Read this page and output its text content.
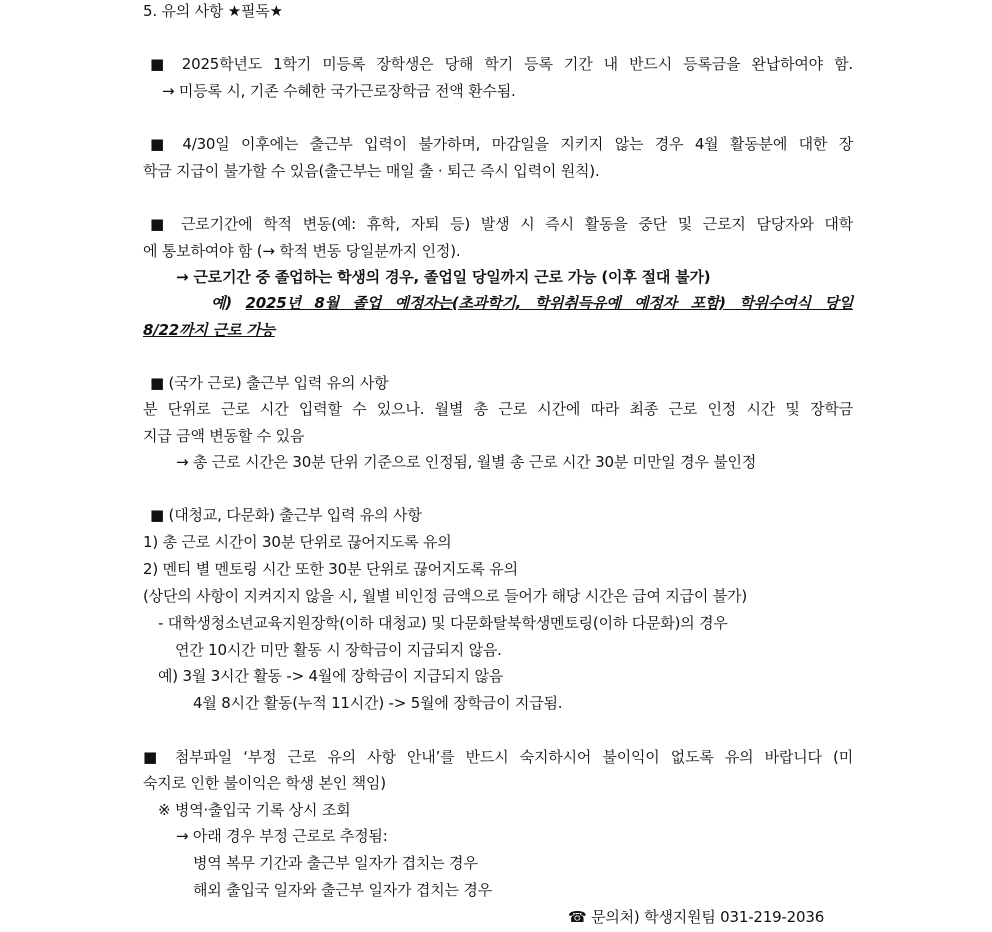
5. 유의 사항 ★필독★
■ 2025학년도 1학기 미등록 장학생은 당해 학기 등록 기간 내 반드시 등록금을 완납하여야 함.
→ 미등록 시, 기존 수혜한 국가근로장학금 전액 환수됨.
■ 4/30일 이후에는 출근부 입력이 불가하며, 마감일을 지키지 않는 경우 4월 활동분에 대한 장
학금 지급이 불가할 수 있음(출근부는 매일 출 · 퇴근 즉시 입력이 원칙).
■ 근로기간에 학적 변동(예: 휴학, 자퇴 등) 발생 시 즉시 활동을 중단 및 근로지 담당자와 대학
에 통보하여야 함 (→ 학적 변동 당일분까지 인정).
→ 근로기간 중 졸업하는 학생의 경우, 졸업일 당일까지 근로 가능 (이후 절대 불가)
예) 2025년 8월 졸업 예정자는(초과학기, 학위취득유예 예정자 포함) 학위수여식 당일
8/22까지 근로 가능
■ (국가 근로) 출근부 입력 유의 사항
분 단위로 근로 시간 입력할 수 있으나. 월별 총 근로 시간에 따라 최종 근로 인정 시간 및 장학금
지급 금액 변동할 수 있음
→ 총 근로 시간은 30분 단위 기준으로 인정됨, 월별 총 근로 시간 30분 미만일 경우 불인정
■ (대청교, 다문화) 출근부 입력 유의 사항
1) 총 근로 시간이 30분 단위로 끊어지도록 유의
2) 멘티 별 멘토링 시간 또한 30분 단위로 끊어지도록 유의
(상단의 사항이 지켜지지 않을 시, 월별 비인정 금액으로 들어가 해당 시간은 급여 지급이 불가)
- 대학생청소년교육지원장학(이하 대청교) 및 다문화탈북학생멘토링(이하 다문화)의 경우
연간 10시간 미만 활동 시 장학금이 지급되지 않음.
예) 3월 3시간 활동 -> 4월에 장학금이 지급되지 않음
4월 8시간 활동(누적 11시간) -> 5월에 장학금이 지급됨.
■ 첨부파일 ‘부정 근로 유의 사항 안내’를 반드시 숙지하시어 불이익이 없도록 유의 바랍니다 (미
숙지로 인한 불이익은 학생 본인 책임)
※ 병역·출입국 기록 상시 조회
→ 아래 경우 부정 근로로 추정됨:
병역 복무 기간과 출근부 일자가 겹치는 경우
해외 출입국 일자와 출근부 일자가 겹치는 경우
☎ 문의처) 학생지원팀 031-219-2036
